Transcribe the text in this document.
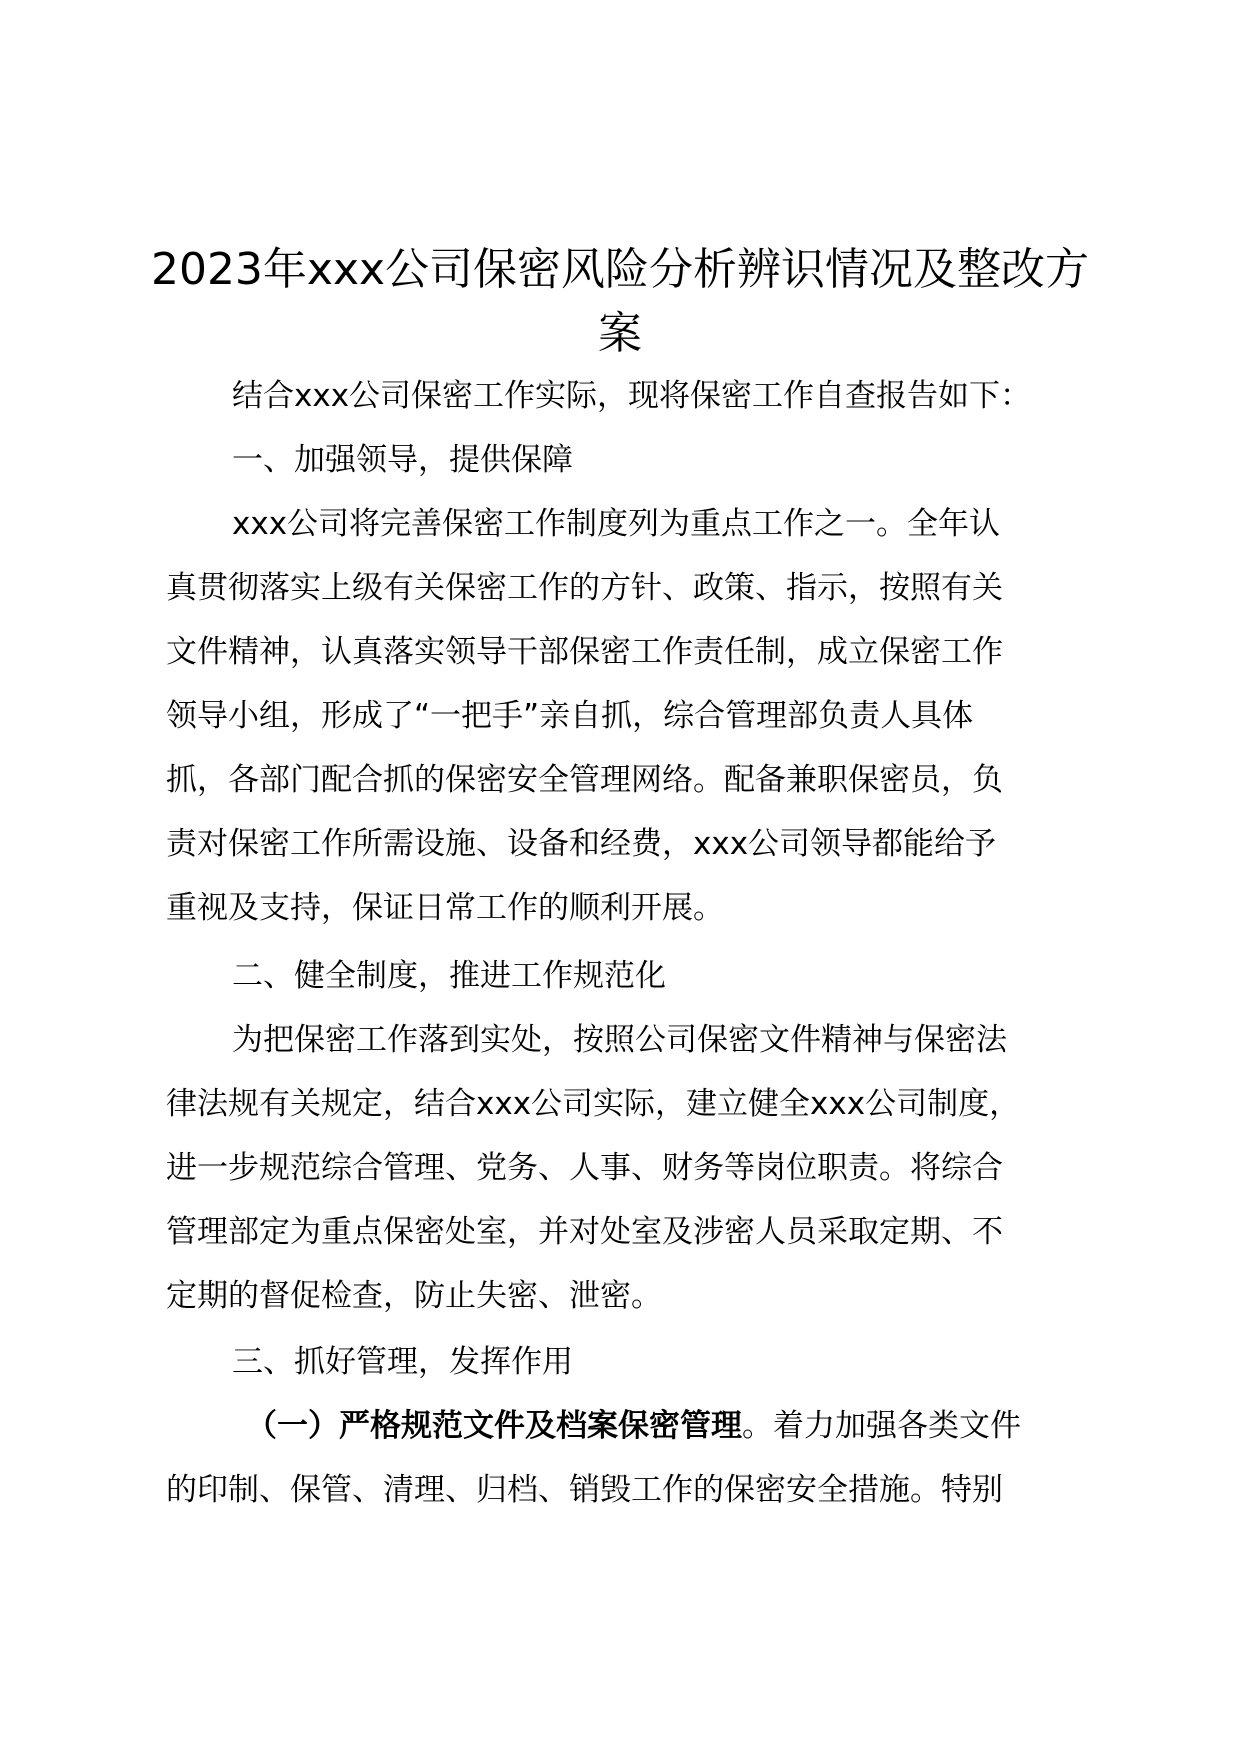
2023年xxx公司保密风险分析辨识情况及整改方案

结合xxx公司保密工作实际，现将保密工作自查报告如下：

一、加强领导，提供保障

xxx公司将完善保密工作制度列为重点工作之一。全年认

真贯彻落实上级有关保密工作的方针、政策、指示，按照有关

文件精神，认真落实领导干部保密工作责任制，成立保密工作

领导小组，形成了“一把手”亲自抓，综合管理部负责人具体

抓，各部门配合抓的保密安全管理网络。配备兼职保密员，负

责对保密工作所需设施、设备和经费，xxx公司领导都能给予

重视及支持，保证日常工作的顺利开展。

二、健全制度，推进工作规范化

为把保密工作落到实处，按照公司保密文件精神与保密法

律法规有关规定，结合xxx公司实际，建立健全xxx公司制度，

进一步规范综合管理、党务、人事、财务等岗位职责。将综合

管理部定为重点保密处室，并对处室及涉密人员采取定期、不

定期的督促检查，防止失密、泄密。

三、抓好管理，发挥作用

（一）严格规范文件及档案保密管理。着力加强各类文件

的印制、保管、清理、归档、销毁工作的保密安全措施。特别
